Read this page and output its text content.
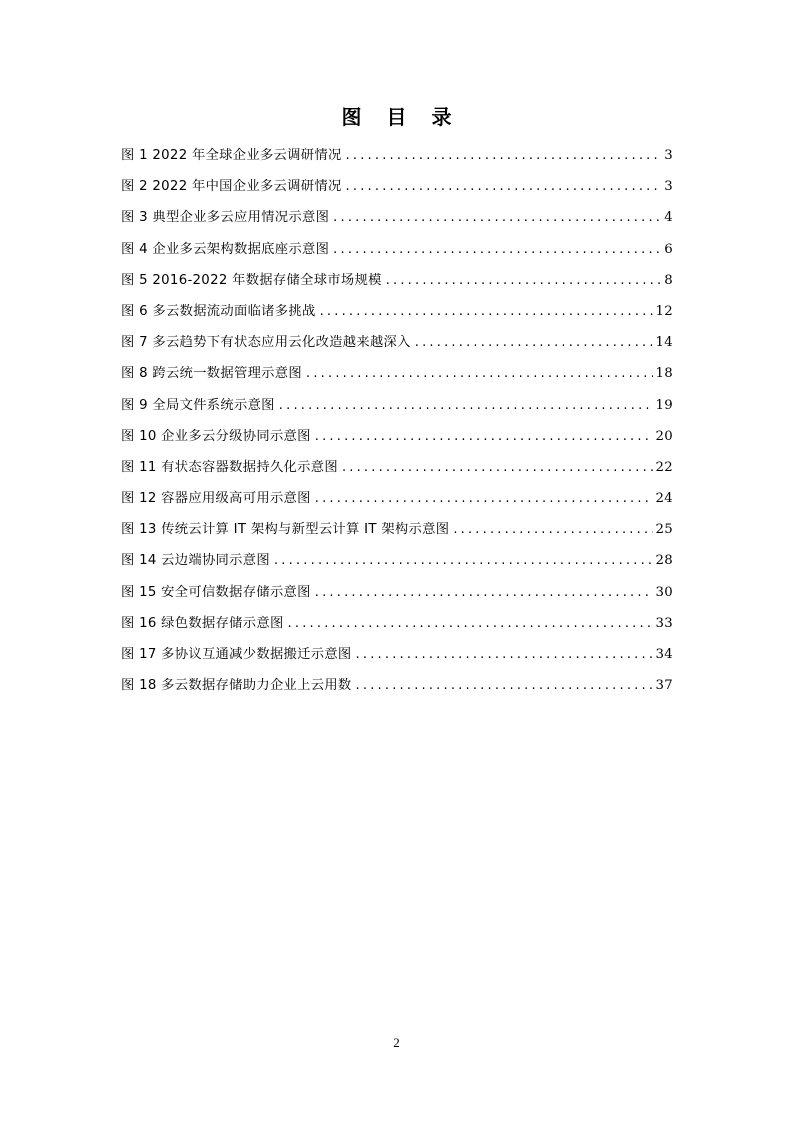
图 目 录
图 1 2022 年全球企业多云调研情况 .....	3
图 2 2022 年中国企业多云调研情况 .....	3
图 3 典型企业多云应用情况示意图 .....	4
图 4 企业多云架构数据底座示意图 .....	6
图 5 2016-2022 年数据存储全球市场规模 .....	8
图 6 多云数据流动面临诸多挑战 .....	12
图 7 多云趋势下有状态应用云化改造越来越深入 .....	14
图 8 跨云统一数据管理示意图 .....	18
图 9 全局文件系统示意图 .....	19
图 10 企业多云分级协同示意图 .....	20
图 11 有状态容器数据持久化示意图 .....	22
图 12 容器应用级高可用示意图 .....	24
图 13 传统云计算 IT 架构与新型云计算 IT 架构示意图 .....	25
图 14 云边端协同示意图 .....	28
图 15 安全可信数据存储示意图 .....	30
图 16 绿色数据存储示意图 .....	33
图 17 多协议互通减少数据搬迁示意图 .....	34
图 18 多云数据存储助力企业上云用数 .....	37
2
